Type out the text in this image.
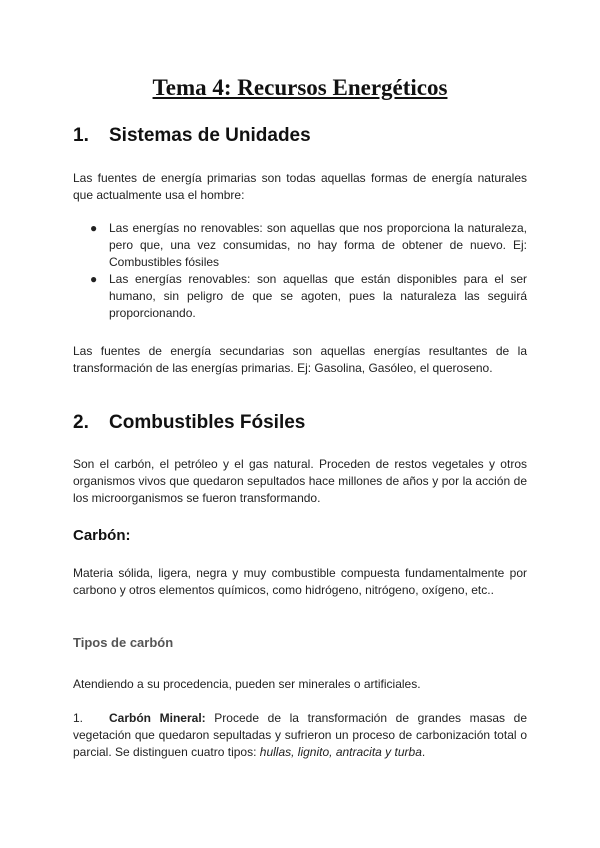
Tema 4: Recursos Energéticos
1. Sistemas de Unidades

Las fuentes de energía primarias son todas aquellas formas de energía naturales que actualmente usa el hombre:

● Las energías no renovables: son aquellas que nos proporciona la naturaleza, pero que, una vez consumidas, no hay forma de obtener de nuevo. Ej: Combustibles fósiles
● Las energías renovables: son aquellas que están disponibles para el ser humano, sin peligro de que se agoten, pues la naturaleza las seguirá proporcionando.

Las fuentes de energía secundarias son aquellas energías resultantes de la transformación de las energías primarias. Ej: Gasolina, Gasóleo, el queroseno.

2. Combustibles Fósiles

Son el carbón, el petróleo y el gas natural. Proceden de restos vegetales y otros organismos vivos que quedaron sepultados hace millones de años y por la acción de los microorganismos se fueron transformando.

Carbón:

Materia sólida, ligera, negra y muy combustible compuesta fundamentalmente por carbono y otros elementos químicos, como hidrógeno, nitrógeno, oxígeno, etc..

Tipos de carbón

Atendiendo a su procedencia, pueden ser minerales o artificiales.

1. Carbón Mineral: Procede de la transformación de grandes masas de vegetación que quedaron sepultadas y sufrieron un proceso de carbonización total o parcial. Se distinguen cuatro tipos: hullas, lignito, antracita y turba.
